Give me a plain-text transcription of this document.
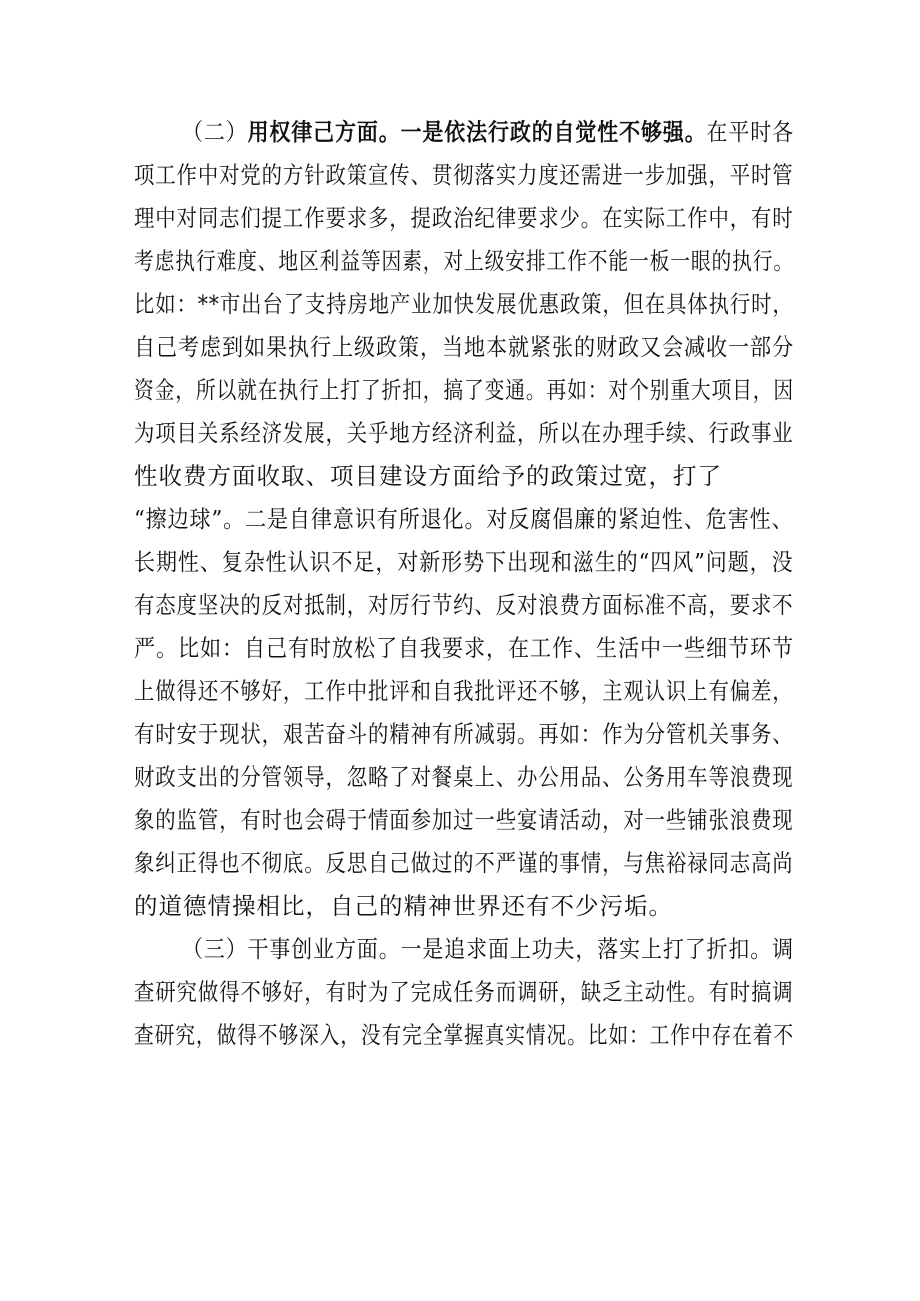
（二）用权律己方面。一是依法行政的自觉性不够强。在平时各
项工作中对党的方针政策宣传、贯彻落实力度还需进一步加强，平时管
理中对同志们提工作要求多，提政治纪律要求少。在实际工作中，有时
考虑执行难度、地区利益等因素，对上级安排工作不能一板一眼的执行。
比如：**市出台了支持房地产业加快发展优惠政策，但在具体执行时，
自己考虑到如果执行上级政策，当地本就紧张的财政又会减收一部分
资金，所以就在执行上打了折扣，搞了变通。再如：对个别重大项目，因
为项目关系经济发展，关乎地方经济利益，所以在办理手续、行政事业
性收费方面收取、项目建设方面给予的政策过宽，打了
“擦边球”。二是自律意识有所退化。对反腐倡廉的紧迫性、危害性、
长期性、复杂性认识不足，对新形势下出现和滋生的“四风”问题，没
有态度坚决的反对抵制，对厉行节约、反对浪费方面标准不高，要求不
严。比如：自己有时放松了自我要求，在工作、生活中一些细节环节
上做得还不够好，工作中批评和自我批评还不够，主观认识上有偏差，
有时安于现状，艰苦奋斗的精神有所减弱。再如：作为分管机关事务、
财政支出的分管领导，忽略了对餐桌上、办公用品、公务用车等浪费现
象的监管，有时也会碍于情面参加过一些宴请活动，对一些铺张浪费现
象纠正得也不彻底。反思自己做过的不严谨的事情，与焦裕禄同志高尚
的道德情操相比，自己的精神世界还有不少污垢。
（三）干事创业方面。一是追求面上功夫，落实上打了折扣。调
查研究做得不够好，有时为了完成任务而调研，缺乏主动性。有时搞调
查研究，做得不够深入，没有完全掌握真实情况。比如：工作中存在着不
